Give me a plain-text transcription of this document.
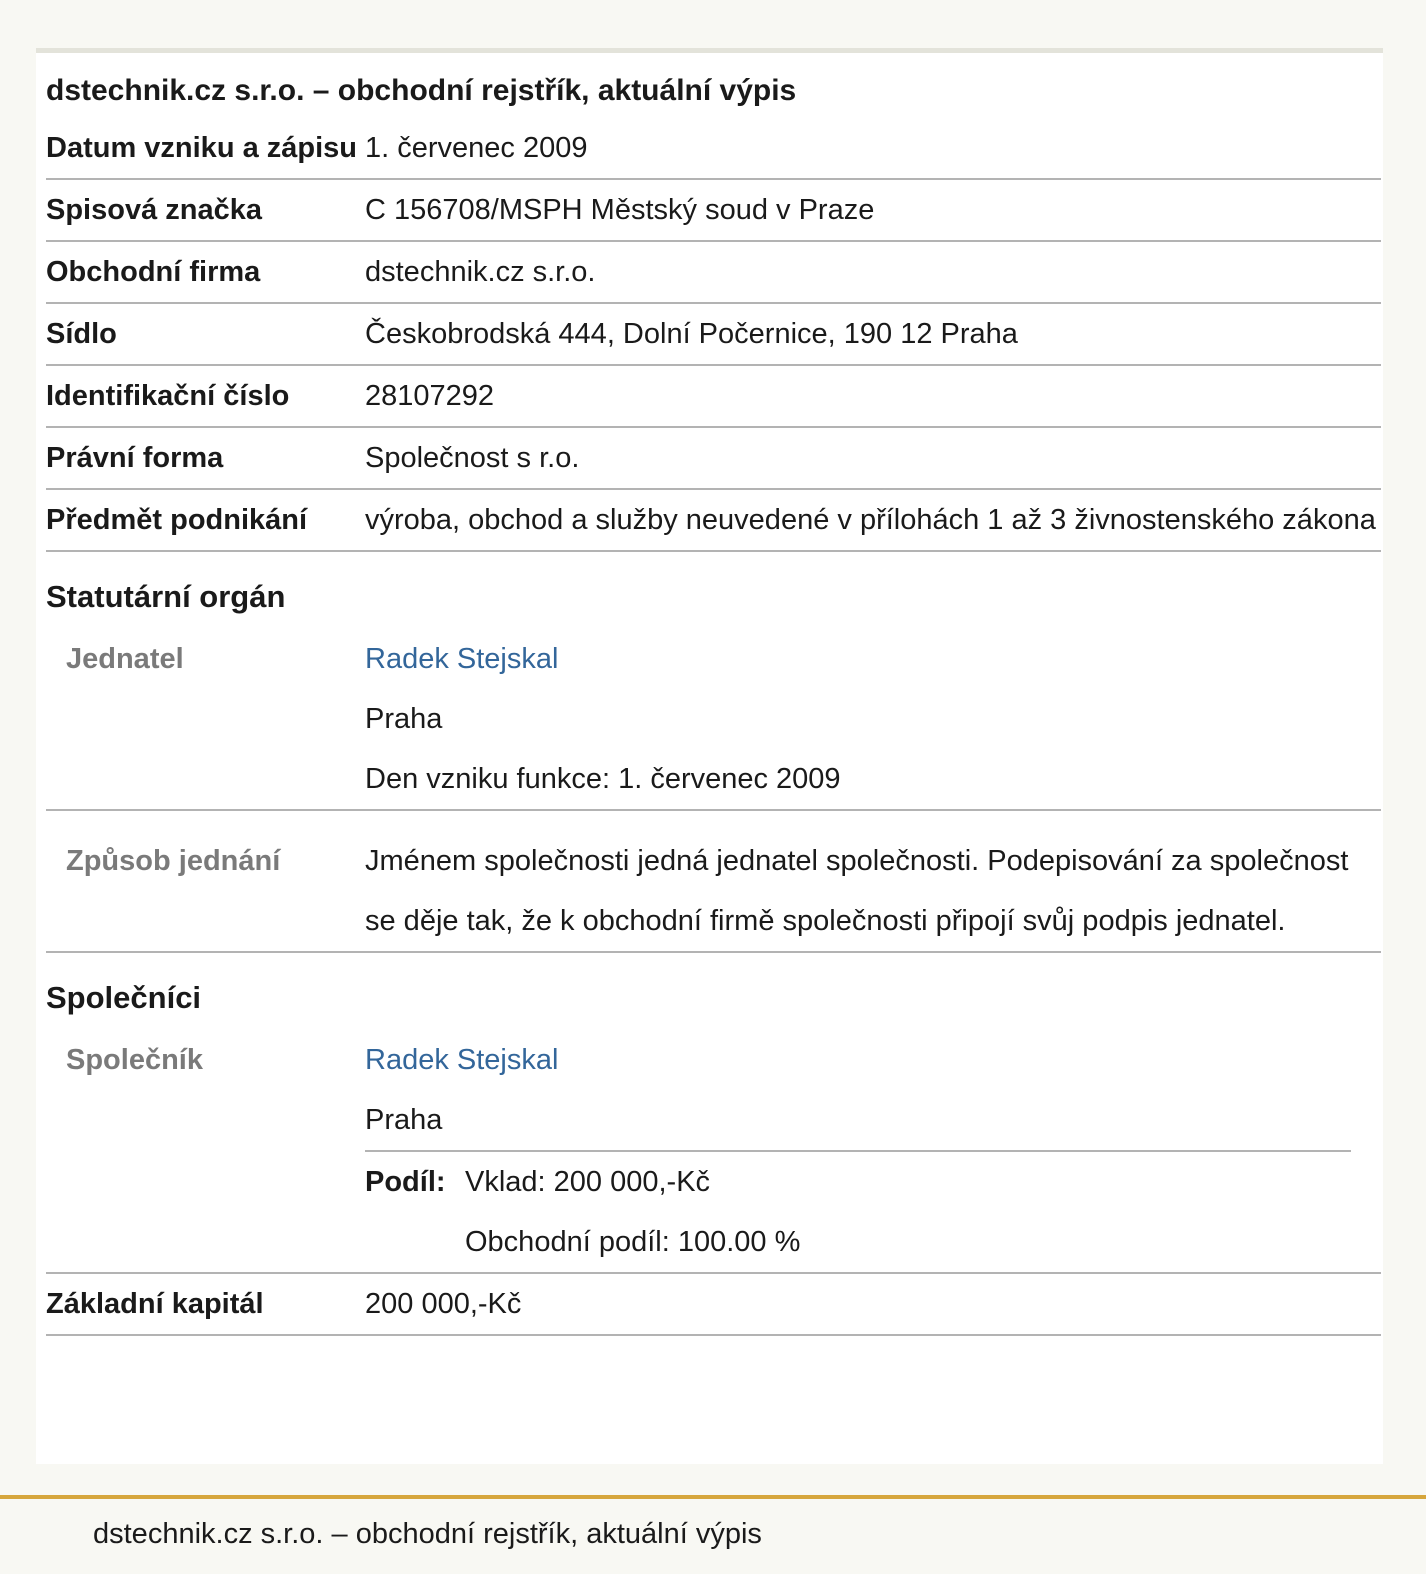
dstechnik.cz s.r.o. – obchodní rejstřík, aktuální výpis
Datum vzniku a zápisu 1. červenec 2009
Spisová značka	C 156708/MSPH Městský soud v Praze
Obchodní firma	dstechnik.cz s.r.o.
Sídlo	Českobrodská 444, Dolní Počernice, 190 12 Praha
Identifikační číslo	28107292
Právní forma	Společnost s r.o.
Předmět podnikání	výroba, obchod a služby neuvedené v přílohách 1 až 3 živnostenského zákona
Statutární orgán
Jednatel	Radek Stejskal
Praha
Den vzniku funkce: 1. červenec 2009
Způsob jednání	Jménem společnosti jedná jednatel společnosti. Podepisování za společnost se děje tak, že k obchodní firmě společnosti připojí svůj podpis jednatel.
Společníci
Společník	Radek Stejskal
Praha
Podíl: Vklad: 200 000,-Kč
Obchodní podíl: 100.00 %
Základní kapitál	200 000,-Kč
dstechnik.cz s.r.o. – obchodní rejstřík, aktuální výpis
